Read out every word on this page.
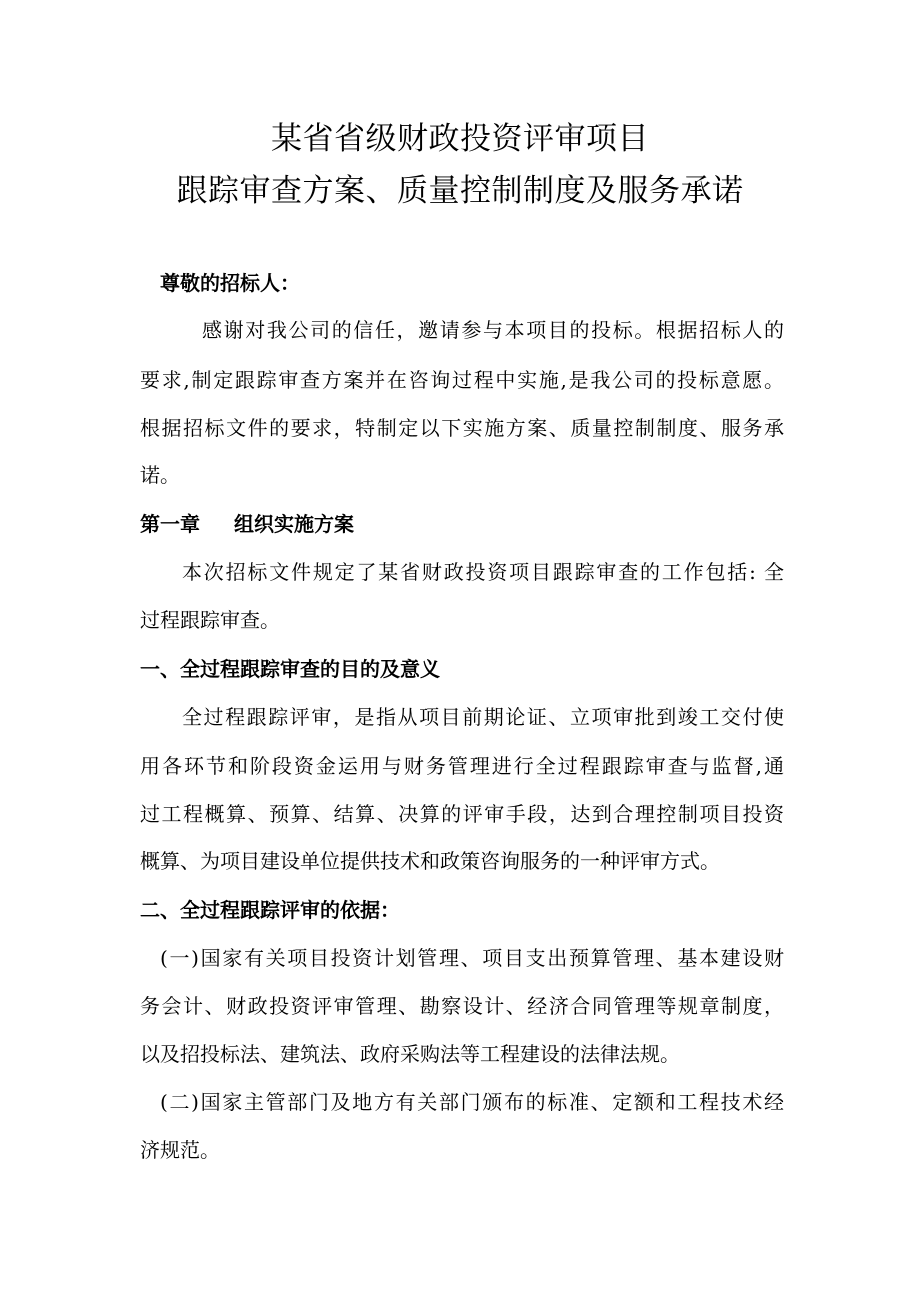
某省省级财政投资评审项目
跟踪审查方案、质量控制制度及服务承诺

尊敬的招标人：

感谢对我公司的信任，邀请参与本项目的投标。根据招标人的

要求,制定跟踪审查方案并在咨询过程中实施,是我公司的投标意愿。

根据招标文件的要求，特制定以下实施方案、质量控制制度、服务承

诺。

第一章 组织实施方案

本次招标文件规定了某省财政投资项目跟踪审查的工作包括: 全

过程跟踪审查。

一、全过程跟踪审查的目的及意义

全过程跟踪评审，是指从项目前期论证、立项审批到竣工交付使

用各环节和阶段资金运用与财务管理进行全过程跟踪审查与监督,通

过工程概算、预算、结算、决算的评审手段，达到合理控制项目投资

概算、为项目建设单位提供技术和政策咨询服务的一种评审方式。

二、全过程跟踪评审的依据：

(一)国家有关项目投资计划管理、项目支出预算管理、基本建设财

务会计、财政投资评审管理、勘察设计、经济合同管理等规章制度，

以及招投标法、建筑法、政府采购法等工程建设的法律法规。

(二)国家主管部门及地方有关部门颁布的标准、定额和工程技术经

济规范。
